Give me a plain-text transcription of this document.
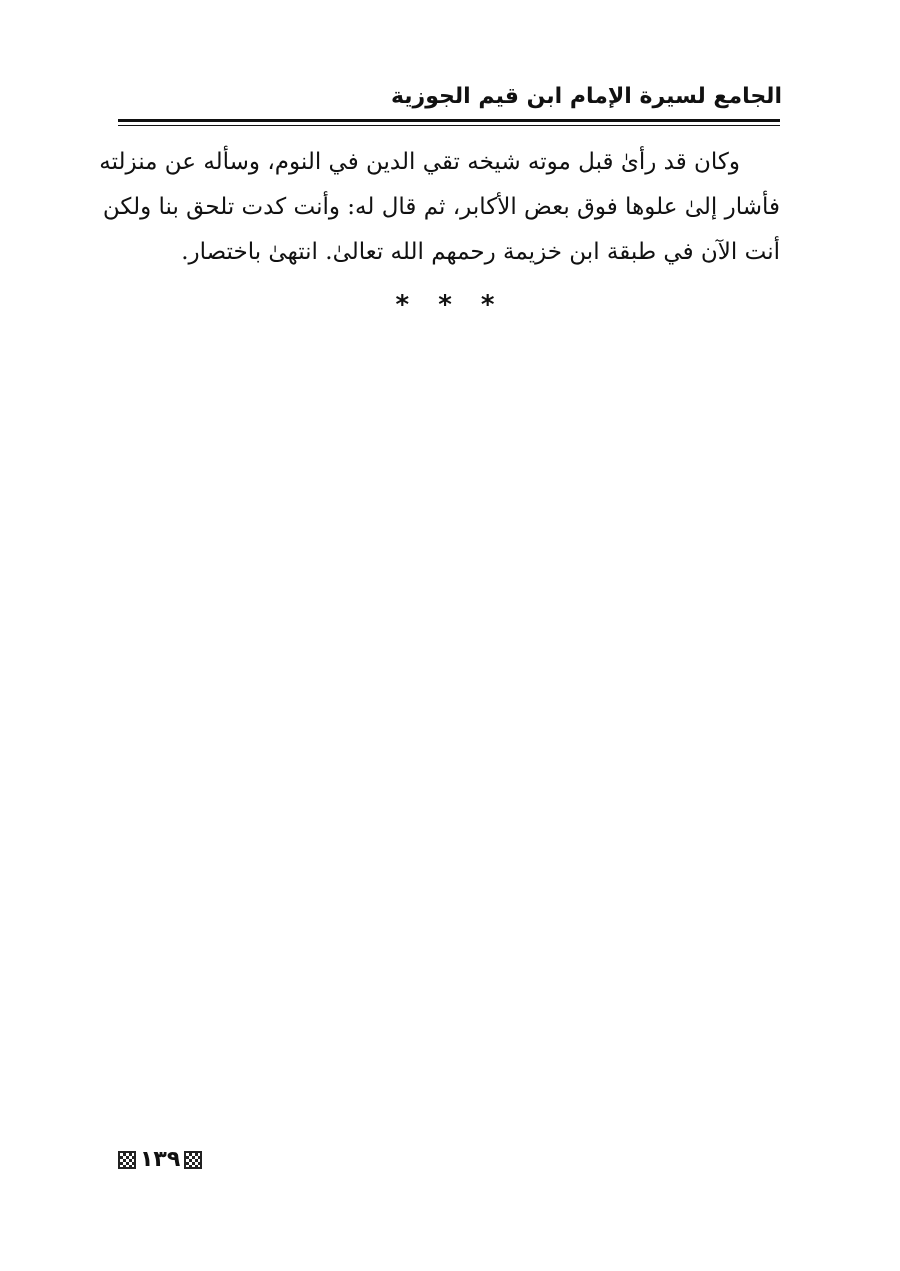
الجامع لسيرة الإمام ابن قيم الجوزية
وكان قد رأىٰ قبل موته شيخه تقي الدين في النوم، وسأله عن منزلته
فأشار إلىٰ علوها فوق بعض الأكابر، ثم قال له: وأنت كدت تلحق بنا ولكن
أنت الآن في طبقة ابن خزيمة رحمهم الله تعالىٰ. انتهىٰ باختصار.
* * *
١٣٩
